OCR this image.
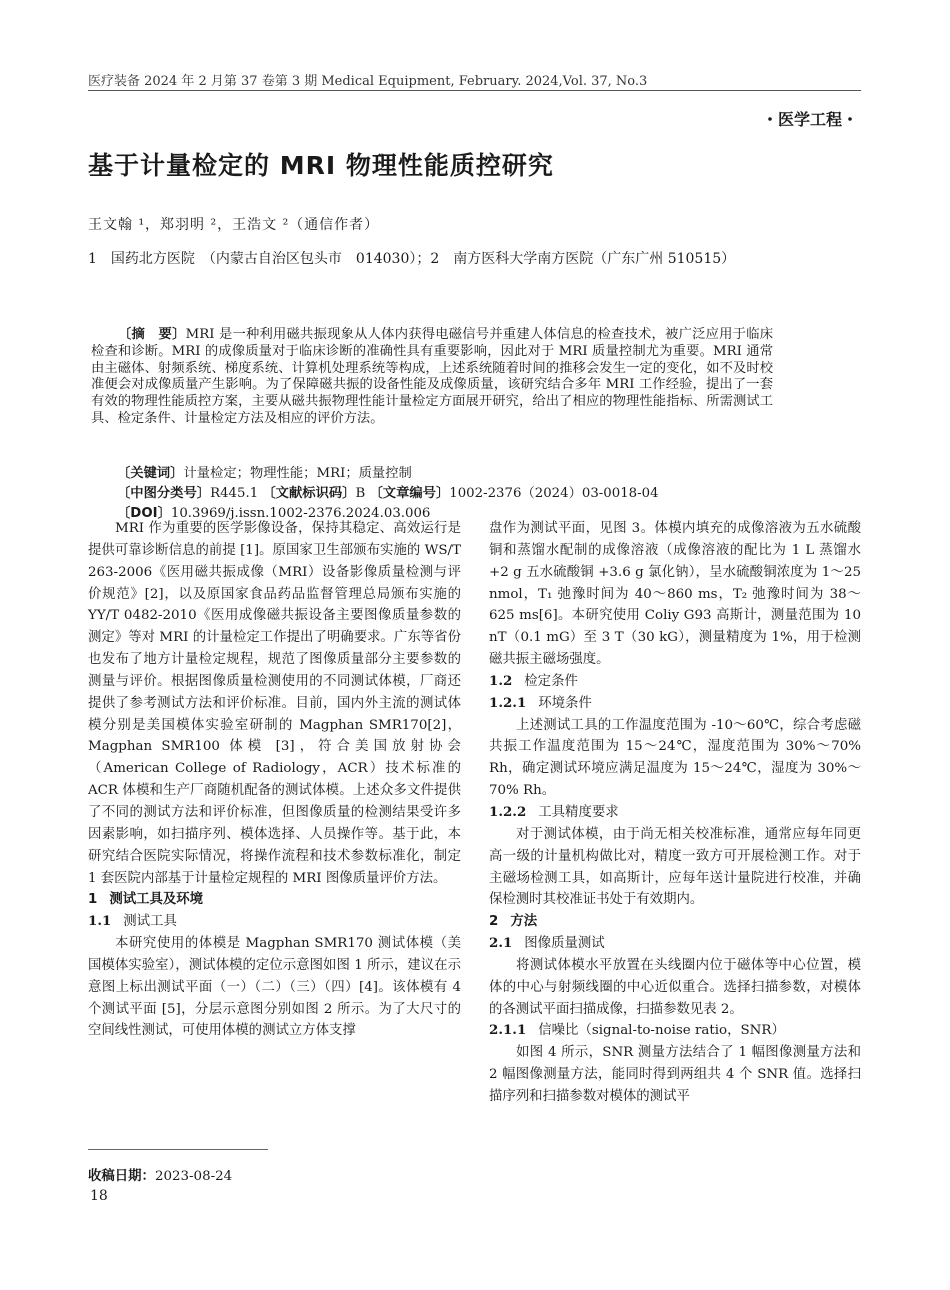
医疗装备 2024 年 2 月第 37 卷第 3 期 Medical Equipment, February. 2024,Vol. 37, No.3
・医学工程・
基于计量检定的 MRI 物理性能质控研究
王文翰 ¹，郑羽明 ²，王浩文 ²（通信作者）
1　国药北方医院　（内蒙古自治区包头市　014030）；2　南方医科大学南方医院（广东广州 510515）
〔摘　要〕MRI 是一种利用磁共振现象从人体内获得电磁信号并重建人体信息的检查技术，被广泛应用于临床检查和诊断。MRI 的成像质量对于临床诊断的准确性具有重要影响，因此对于 MRI 质量控制尤为重要。MRI 通常由主磁体、射频系统、梯度系统、计算机处理系统等构成，上述系统随着时间的推移会发生一定的变化，如不及时校准便会对成像质量产生影响。为了保障磁共振的设备性能及成像质量，该研究结合多年 MRI 工作经验，提出了一套有效的物理性能质控方案，主要从磁共振物理性能计量检定方面展开研究，给出了相应的物理性能指标、所需测试工具、检定条件、计量检定方法及相应的评价方法。
〔关键词〕计量检定；物理性能；MRI；质量控制
〔中图分类号〕R445.1 〔文献标识码〕B 〔文章编号〕1002-2376（2024）03-0018-04
〔DOI〕10.3969/j.issn.1002-2376.2024.03.006

MRI 作为重要的医学影像设备，保持其稳定、高效运行是提供可靠诊断信息的前提 [1]。原国家卫生部颁布实施的 WS/T 263-2006《医用磁共振成像（MRI）设备影像质量检测与评价规范》[2]，以及原国家食品药品监督管理总局颁布实施的 YY/T 0482-2010《医用成像磁共振设备主要图像质量参数的测定》等对 MRI 的计量检定工作提出了明确要求。广东等省份也发布了地方计量检定规程，规范了图像质量部分主要参数的测量与评价。根据图像质量检测使用的不同测试体模，厂商还提供了参考测试方法和评价标准。目前，国内外主流的测试体模分别是美国模体实验室研制的 Magphan SMR170[2]，Magphan SMR100 体模 [3]，符合美国放射协会（American College of Radiology，ACR）技术标准的 ACR 体模和生产厂商随机配备的测试体模。上述众多文件提供了不同的测试方法和评价标准，但图像质量的检测结果受许多因素影响，如扫描序列、模体选择、人员操作等。基于此，本研究结合医院实际情况，将操作流程和技术参数标准化，制定 1 套医院内部基于计量检定规程的 MRI 图像质量评价方法。

1 测试工具及环境
1.1 测试工具

本研究使用的体模是 Magphan SMR170 测试体模（美国模体实验室），测试体模的定位示意图如图 1 所示，建议在示意图上标出测试平面（一）（二）（三）（四）[4]。该体模有 4 个测试平面 [5]，分层示意图分别如图 2 所示。为了大尺寸的空间线性测试，可使用体模的测试立方体支撑

盘作为测试平面，见图 3。体模内填充的成像溶液为五水硫酸铜和蒸馏水配制的成像溶液（成像溶液的配比为 1 L 蒸馏水 +2 g 五水硫酸铜 +3.6 g 氯化钠），呈水硫酸铜浓度为 1～25 nmol，T₁ 弛豫时间为 40～860 ms，T₂ 弛豫时间为 38～625 ms[6]。本研究使用 Coliy G93 高斯计，测量范围为 10 nT（0.1 mG）至 3 T（30 kG），测量精度为 1%，用于检测磁共振主磁场强度。

1.2 检定条件
1.2.1 环境条件

上述测试工具的工作温度范围为 -10～60℃，综合考虑磁共振工作温度范围为 15～24℃，湿度范围为 30%～70% Rh，确定测试环境应满足温度为 15～24℃，湿度为 30%～70% Rh。

1.2.2 工具精度要求

对于测试体模，由于尚无相关校准标准，通常应每年同更高一级的计量机构做比对，精度一致方可开展检测工作。对于主磁场检测工具，如高斯计，应每年送计量院进行校准，并确保检测时其校准证书处于有效期内。

2 方法
2.1 图像质量测试

将测试体模水平放置在头线圈内位于磁体等中心位置，模体的中心与射频线圈的中心近似重合。选择扫描参数，对模体的各测试平面扫描成像，扫描参数见表 2。

2.1.1 信噪比（signal-to-noise ratio，SNR）

如图 4 所示，SNR 测量方法结合了 1 幅图像测量方法和 2 幅图像测量方法，能同时得到两组共 4 个 SNR 值。选择扫描序列和扫描参数对模体的测试平

收稿日期：2023-08-24
18
